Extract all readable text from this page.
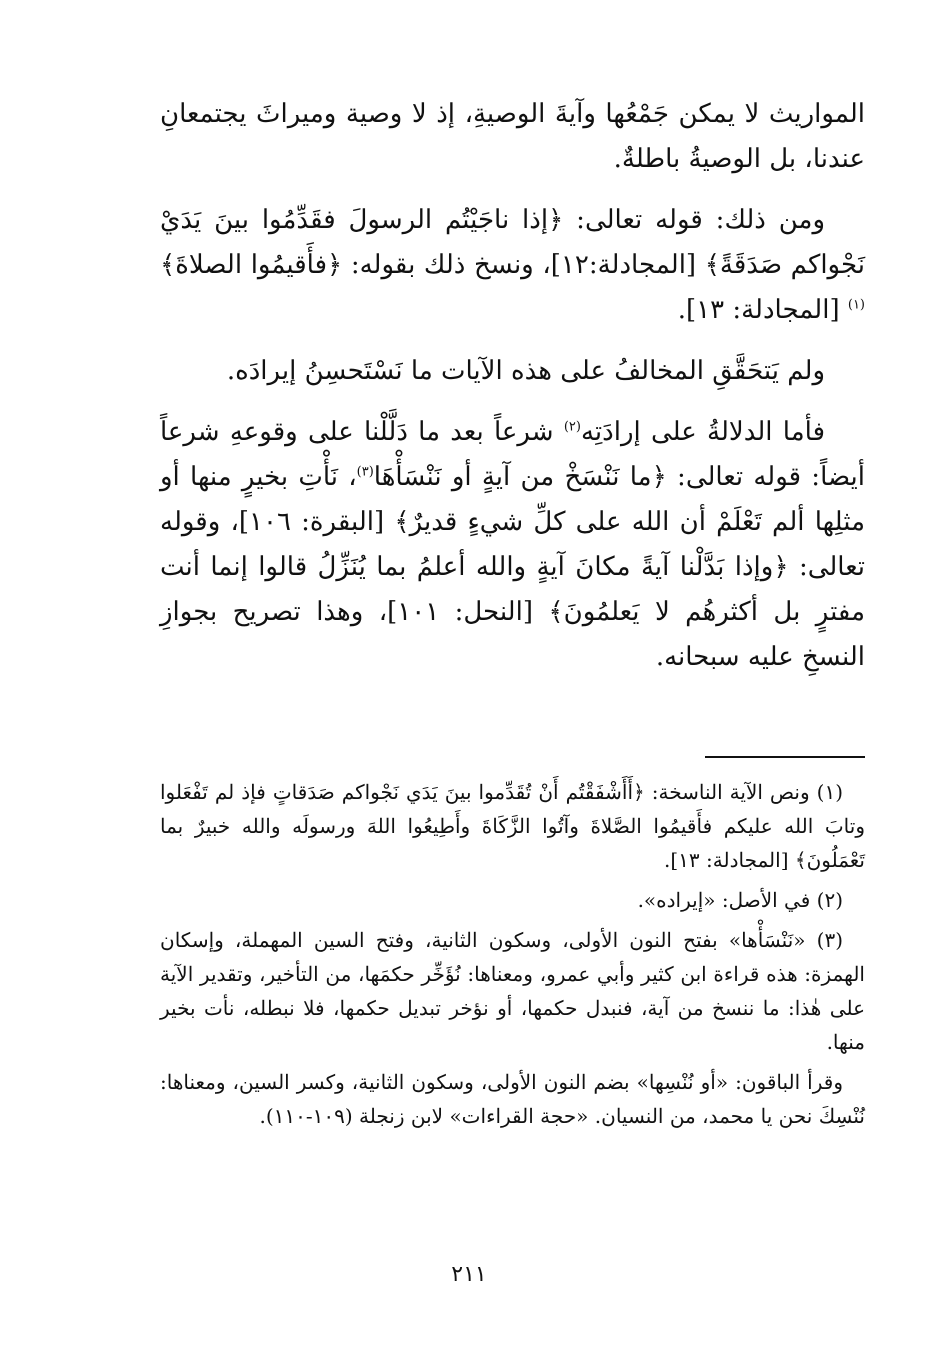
المواريث لا يمكن جَمْعُها وآيةَ الوصيةِ، إذ لا وصية وميراثَ يجتمعانِ عندنا، بل الوصيةُ باطلةٌ.

ومن ذلك: قوله تعالى: ﴿إذا ناجَيْتُم الرسولَ فقَدِّمُوا بينَ يَدَيْ نَجْواكم صَدَقَةً﴾ [المجادلة:١٢]، ونسخ ذلك بقوله: ﴿فأَقيمُوا الصلاةَ﴾$^{(١)}$ [المجادلة: ١٣].

ولم يَتحَقَّقِ المخالفُ على هذه الآيات ما نَسْتَحسِنُ إيرادَه.

فأما الدلالةُ على إرادَتِه$^{(٢)}$ شرعاً بعد ما دَلَّلْنا على وقوعهِ شرعاً أيضاً: قوله تعالى: ﴿ما نَنْسَخْ من آيةٍ أو نَنْسَأْهَا$^{(٣)}$، نَأْتِ بخيرٍ منها أو مثلِها ألم تَعْلَمْ أن الله على كلِّ شيءٍ قديرٌ﴾ [البقرة: ١٠٦]، وقوله تعالى: ﴿وإذا بَدَّلْنا آيةً مكانَ آيةٍ والله أعلمُ بما يُنَزِّلُ قالوا إنما أنت مفترٍ بل أكثرهُم لا يَعلمُونَ﴾ [النحل: ١٠١]، وهذا تصريح بجوازِ النسخِ عليه سبحانه.

(١) ونص الآية الناسخة: ﴿أَأَشْفَقْتُم أَنْ تُقَدِّموا بينَ يَدَي نَجْواكم صَدَقاتٍ فإذ لم تَفْعَلوا وتابَ الله عليكم فأَقيمُوا الصَّلاةَ وآتُوا الزَّكَاةَ وأَطِيعُوا اللهَ ورسولَه والله خبيرٌ بما تَعْمَلُونَ﴾ [المجادلة: ١٣].

(٢) في الأصل: «إيراده».

(٣) «نَنْسَأْها» بفتح النون الأولى، وسكون الثانية، وفتح السين المهملة، وإسكان الهمزة: هذه قراءة ابن كثير وأبي عمرو، ومعناها: نُؤَخِّر حكمَها، من التأخير، وتقدير الآية على هٰذا: ما ننسخ من آية، فنبدل حكمها، أو نؤخر تبديل حكمها، فلا نبطله، نأت بخير منها.

وقرأ الباقون: «أو نُنْسِها» بضم النون الأولى، وسكون الثانية، وكسر السين، ومعناها: نُنْسِكَ نحن يا محمد، من النسيان. «حجة القراءات» لابن زنجلة (١٠٩-١١٠).

٢١١
